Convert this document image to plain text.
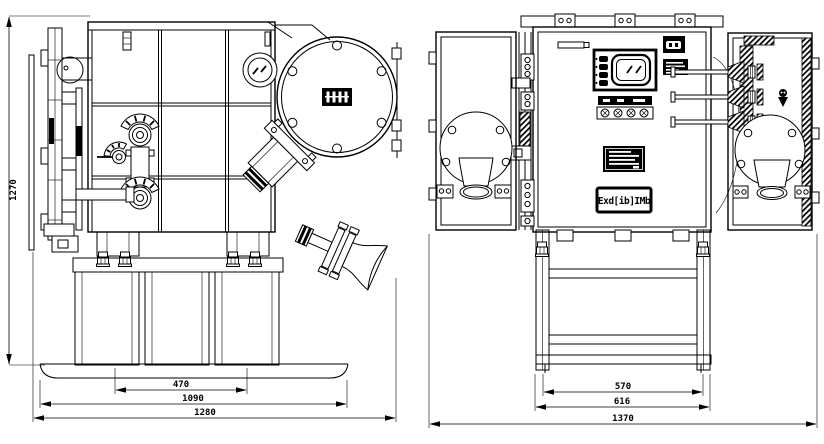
1270
470
1090
1280
Exd[ib]IMb
570
616
1370
